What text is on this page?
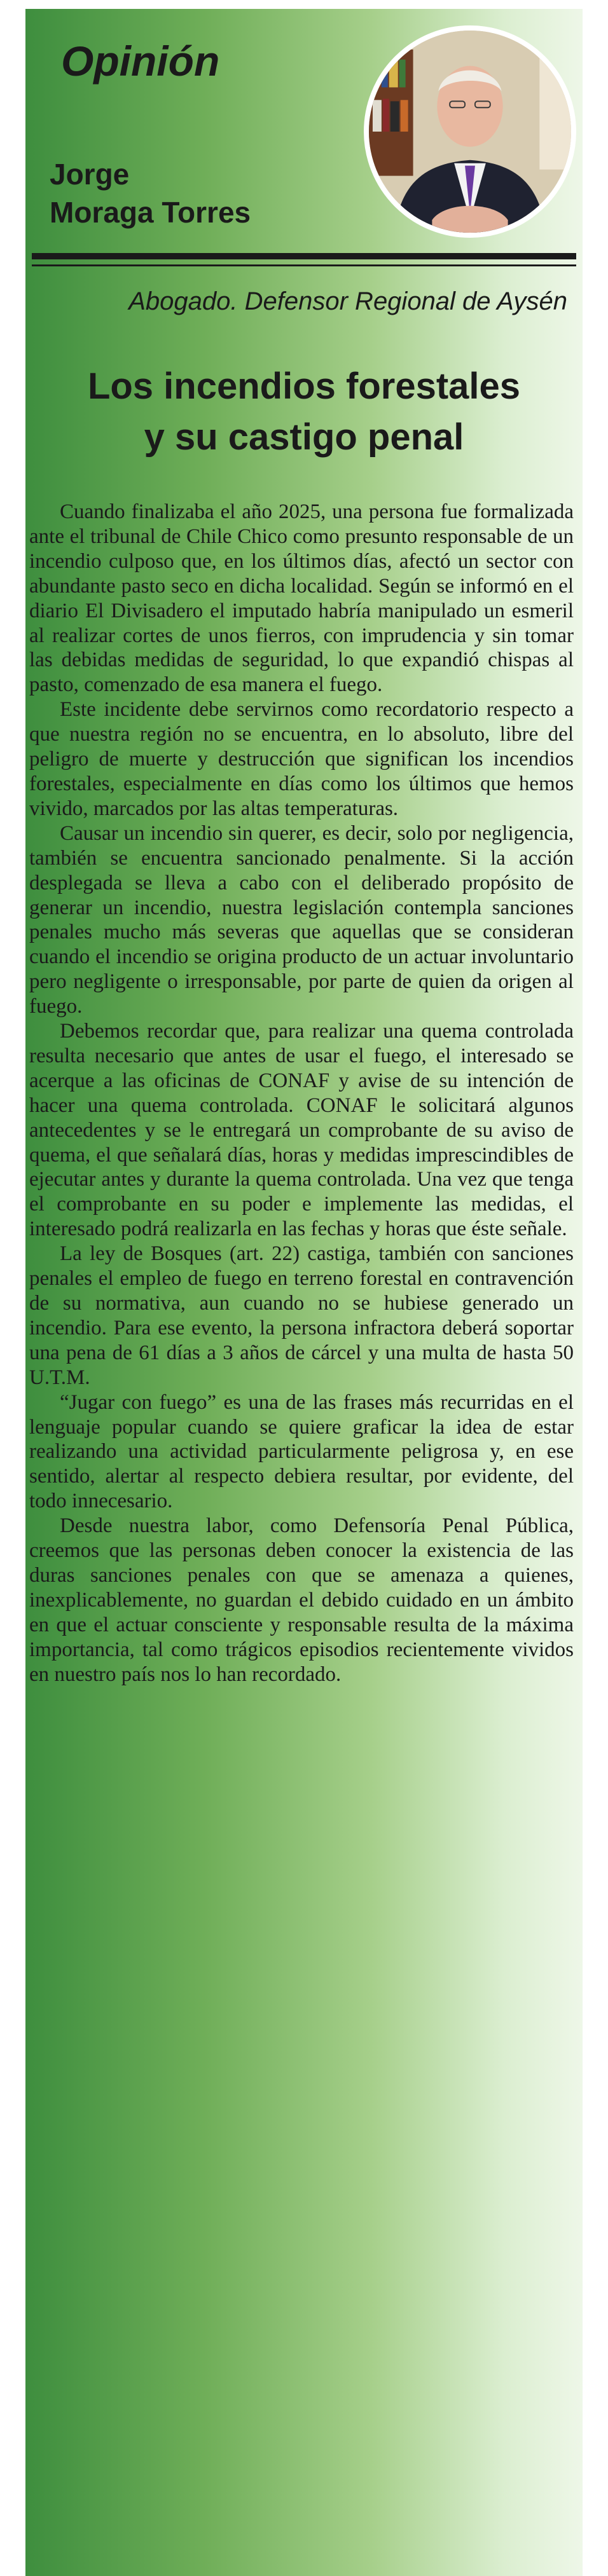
Opinión
Jorge
Moraga Torres
Abogado. Defensor Regional de Aysén
Los incendios forestales
y su castigo penal

Cuando finalizaba el año 2025, una persona fue formalizada ante el tribunal de Chile Chico como presunto responsable de un incendio culposo que, en los últimos días, afectó un sector con abundante pasto seco en dicha localidad. Según se informó en el diario El Divisadero el imputado habría manipulado un esmeril al realizar cortes de unos fierros, con imprudencia y sin tomar las debidas medidas de seguridad, lo que expandió chispas al pasto, comenzado de esa manera el fuego.

Este incidente debe servirnos como recordatorio respecto a que nuestra región no se encuentra, en lo absoluto, libre del peligro de muerte y destrucción que significan los incendios forestales, especialmente en días como los últimos que hemos vivido, marcados por las altas temperaturas.

Causar un incendio sin querer, es decir, solo por negligencia, también se encuentra sancionado penalmente. Si la acción desplegada se lleva a cabo con el deliberado propósito de generar un incendio, nuestra legislación contempla sanciones penales mucho más severas que aquellas que se consideran cuando el incendio se origina producto de un actuar involuntario pero negligente o irresponsable, por parte de quien da origen al fuego.

Debemos recordar que, para realizar una quema controlada resulta necesario que antes de usar el fuego, el interesado se acerque a las oficinas de CONAF y avise de su intención de hacer una quema controlada. CONAF le solicitará algunos antecedentes y se le entregará un comprobante de su aviso de quema, el que señalará días, horas y medidas imprescindibles de ejecutar antes y durante la quema controlada. Una vez que tenga el comprobante en su poder e implemente las medidas, el interesado podrá realizarla en las fechas y horas que éste señale.

La ley de Bosques (art. 22) castiga, también con sanciones penales el empleo de fuego en terreno forestal en contravención de su normativa, aun cuando no se hubiese generado un incendio. Para ese evento, la persona infractora deberá soportar una pena de 61 días a 3 años de cárcel y una multa de hasta 50 U.T.M.

“Jugar con fuego” es una de las frases más recurridas en el lenguaje popular cuando se quiere graficar la idea de estar realizando una actividad particularmente peligrosa y, en ese sentido, alertar al respecto debiera resultar, por evidente, del todo innecesario.

Desde nuestra labor, como Defensoría Penal Pública, creemos que las personas deben conocer la existencia de las duras sanciones penales con que se amenaza a quienes, inexplicablemente, no guardan el debido cuidado en un ámbito en que el actuar consciente y responsable resulta de la máxima importancia, tal como trágicos episodios recientemente vividos en nuestro país nos lo han recordado.
